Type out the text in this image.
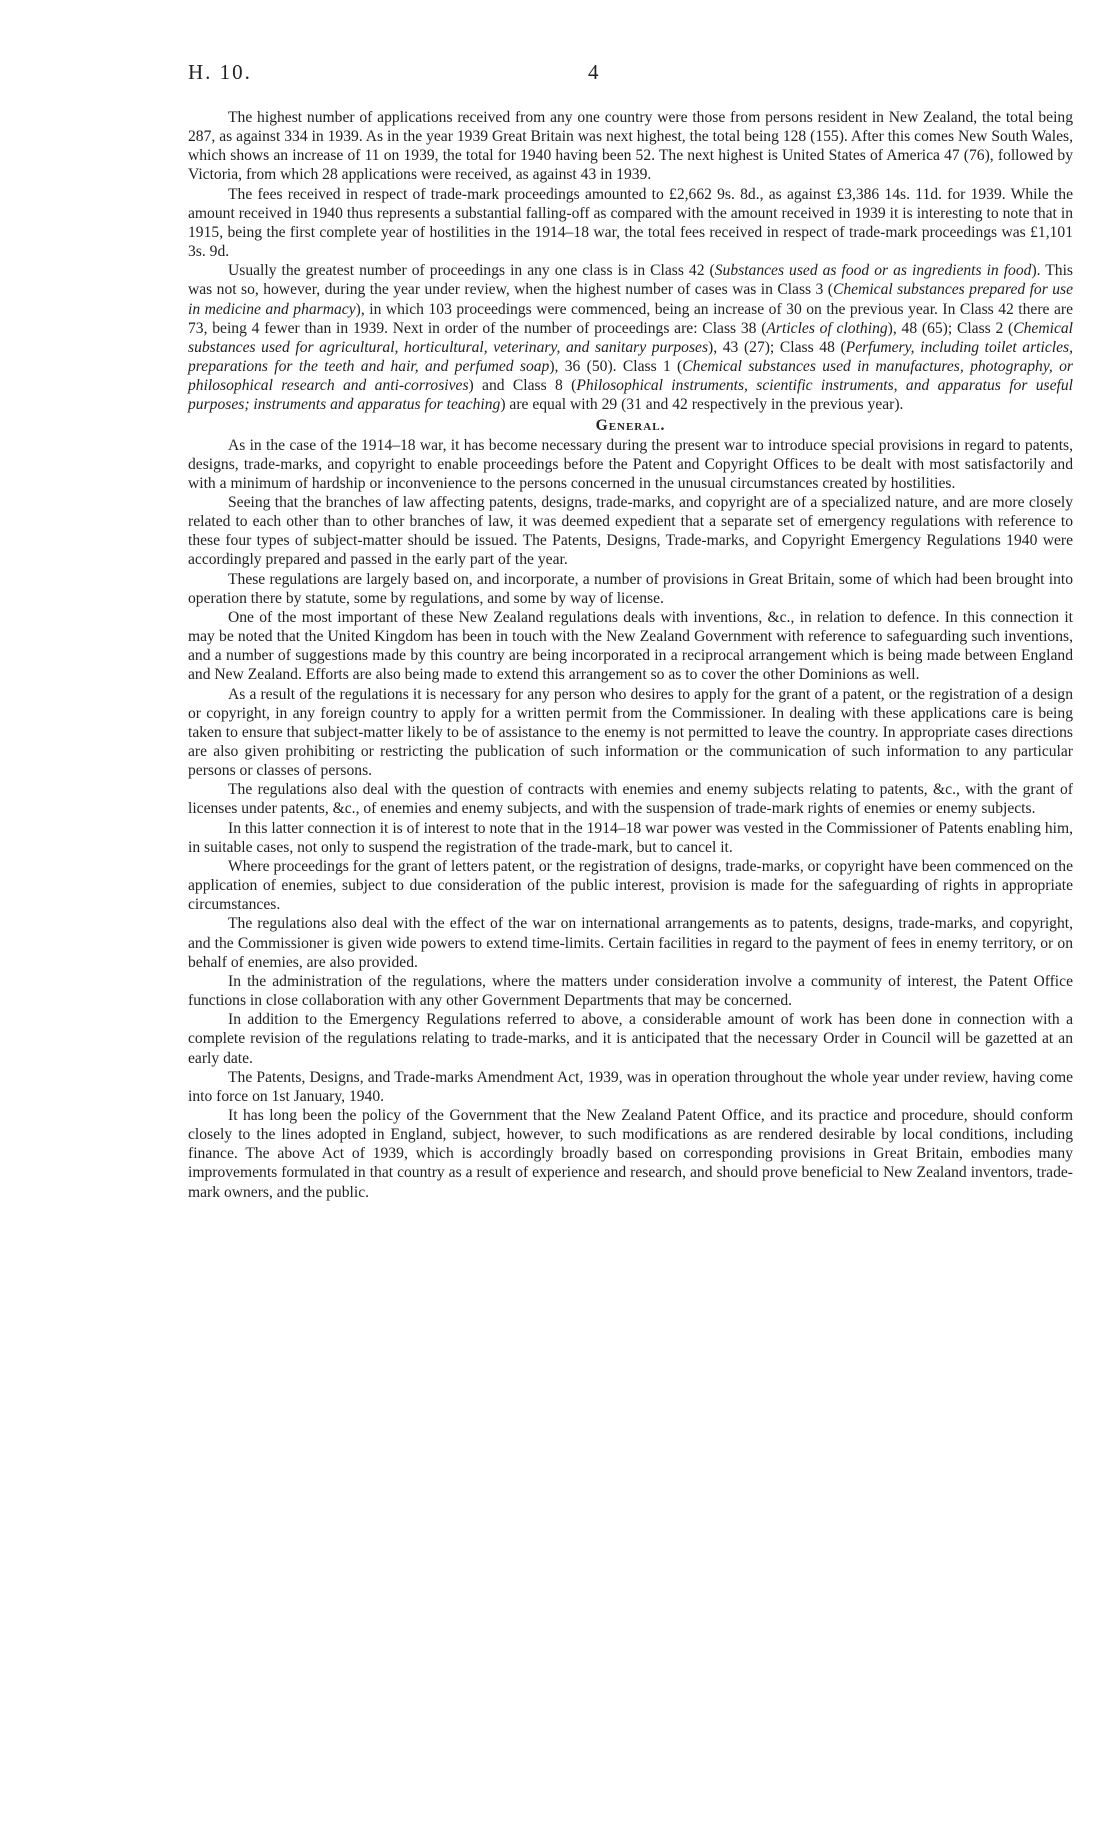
H. 10.	4

The highest number of applications received from any one country were those from persons resident in New Zealand, the total being 287, as against 334 in 1939. As in the year 1939 Great Britain was next highest, the total being 128 (155). After this comes New South Wales, which shows an increase of 11 on 1939, the total for 1940 having been 52. The next highest is United States of America 47 (76), followed by Victoria, from which 28 applications were received, as against 43 in 1939.

The fees received in respect of trade-mark proceedings amounted to £2,662 9s. 8d., as against £3,386 14s. 11d. for 1939. While the amount received in 1940 thus represents a substantial falling-off as compared with the amount received in 1939 it is interesting to note that in 1915, being the first complete year of hostilities in the 1914–18 war, the total fees received in respect of trade-mark proceedings was £1,101 3s. 9d.

Usually the greatest number of proceedings in any one class is in Class 42 (Substances used as food or as ingredients in food). This was not so, however, during the year under review, when the highest number of cases was in Class 3 (Chemical substances prepared for use in medicine and pharmacy), in which 103 proceedings were commenced, being an increase of 30 on the previous year. In Class 42 there are 73, being 4 fewer than in 1939. Next in order of the number of proceedings are: Class 38 (Articles of clothing), 48 (65); Class 2 (Chemical substances used for agricultural, horticultural, veterinary, and sanitary purposes), 43 (27); Class 48 (Perfumery, including toilet articles, preparations for the teeth and hair, and perfumed soap), 36 (50). Class 1 (Chemical substances used in manufactures, photography, or philosophical research and anti-corrosives) and Class 8 (Philosophical instruments, scientific instruments, and apparatus for useful purposes; instruments and apparatus for teaching) are equal with 29 (31 and 42 respectively in the previous year).

General.

As in the case of the 1914–18 war, it has become necessary during the present war to introduce special provisions in regard to patents, designs, trade-marks, and copyright to enable proceedings before the Patent and Copyright Offices to be dealt with most satisfactorily and with a minimum of hardship or inconvenience to the persons concerned in the unusual circumstances created by hostilities.

Seeing that the branches of law affecting patents, designs, trade-marks, and copyright are of a specialized nature, and are more closely related to each other than to other branches of law, it was deemed expedient that a separate set of emergency regulations with reference to these four types of subject-matter should be issued. The Patents, Designs, Trade-marks, and Copyright Emergency Regulations 1940 were accordingly prepared and passed in the early part of the year.

These regulations are largely based on, and incorporate, a number of provisions in Great Britain, some of which had been brought into operation there by statute, some by regulations, and some by way of license.

One of the most important of these New Zealand regulations deals with inventions, &c., in relation to defence. In this connection it may be noted that the United Kingdom has been in touch with the New Zealand Government with reference to safeguarding such inventions, and a number of suggestions made by this country are being incorporated in a reciprocal arrangement which is being made between England and New Zealand. Efforts are also being made to extend this arrangement so as to cover the other Dominions as well.

As a result of the regulations it is necessary for any person who desires to apply for the grant of a patent, or the registration of a design or copyright, in any foreign country to apply for a written permit from the Commissioner. In dealing with these applications care is being taken to ensure that subject-matter likely to be of assistance to the enemy is not permitted to leave the country. In appropriate cases directions are also given prohibiting or restricting the publication of such information or the communication of such information to any particular persons or classes of persons.

The regulations also deal with the question of contracts with enemies and enemy subjects relating to patents, &c., with the grant of licenses under patents, &c., of enemies and enemy subjects, and with the suspension of trade-mark rights of enemies or enemy subjects.

In this latter connection it is of interest to note that in the 1914–18 war power was vested in the Commissioner of Patents enabling him, in suitable cases, not only to suspend the registration of the trade-mark, but to cancel it.

Where proceedings for the grant of letters patent, or the registration of designs, trade-marks, or copyright have been commenced on the application of enemies, subject to due consideration of the public interest, provision is made for the safeguarding of rights in appropriate circumstances.

The regulations also deal with the effect of the war on international arrangements as to patents, designs, trade-marks, and copyright, and the Commissioner is given wide powers to extend time-limits. Certain facilities in regard to the payment of fees in enemy territory, or on behalf of enemies, are also provided.

In the administration of the regulations, where the matters under consideration involve a community of interest, the Patent Office functions in close collaboration with any other Government Departments that may be concerned.

In addition to the Emergency Regulations referred to above, a considerable amount of work has been done in connection with a complete revision of the regulations relating to trade-marks, and it is anticipated that the necessary Order in Council will be gazetted at an early date.

The Patents, Designs, and Trade-marks Amendment Act, 1939, was in operation throughout the whole year under review, having come into force on 1st January, 1940.

It has long been the policy of the Government that the New Zealand Patent Office, and its practice and procedure, should conform closely to the lines adopted in England, subject, however, to such modifications as are rendered desirable by local conditions, including finance. The above Act of 1939, which is accordingly broadly based on corresponding provisions in Great Britain, embodies many improvements formulated in that country as a result of experience and research, and should prove beneficial to New Zealand inventors, trade-mark owners, and the public.
